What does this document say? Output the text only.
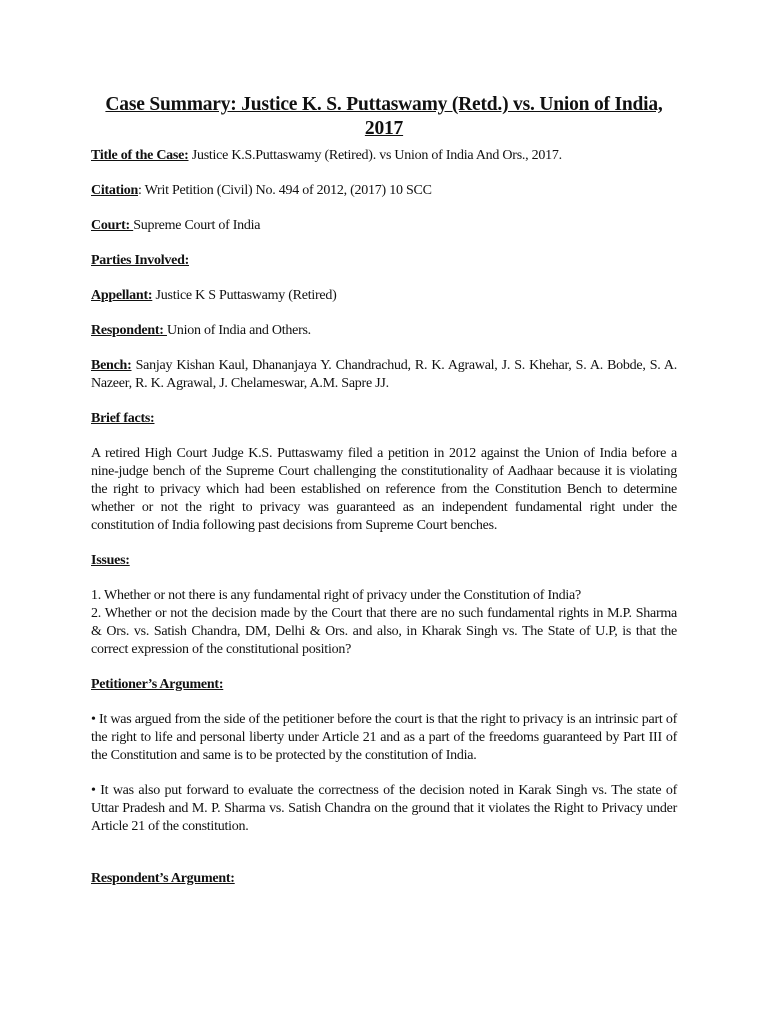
Case Summary: Justice K. S. Puttaswamy (Retd.) vs. Union of India, 2017

Title of the Case: Justice K.S.Puttaswamy (Retired). vs Union of India And Ors., 2017.

Citation: Writ Petition (Civil) No. 494 of 2012, (2017) 10 SCC

Court: Supreme Court of India

Parties Involved:

Appellant: Justice K S Puttaswamy (Retired)

Respondent: Union of India and Others.

Bench: Sanjay Kishan Kaul, Dhananjaya Y. Chandrachud, R. K. Agrawal, J. S. Khehar, S. A. Bobde, S. A. Nazeer, R. K. Agrawal, J. Chelameswar, A.M. Sapre JJ.

Brief facts:

A retired High Court Judge K.S. Puttaswamy filed a petition in 2012 against the Union of India before a nine-judge bench of the Supreme Court challenging the constitutionality of Aadhaar because it is violating the right to privacy which had been established on reference from the Constitution Bench to determine whether or not the right to privacy was guaranteed as an independent fundamental right under the constitution of India following past decisions from Supreme Court benches.

Issues:

1. Whether or not there is any fundamental right of privacy under the Constitution of India?

2. Whether or not the decision made by the Court that there are no such fundamental rights in M.P. Sharma & Ors. vs. Satish Chandra, DM, Delhi & Ors. and also, in Kharak Singh vs. The State of U.P, is that the correct expression of the constitutional position?

Petitioner’s Argument:

• It was argued from the side of the petitioner before the court is that the right to privacy is an intrinsic part of the right to life and personal liberty under Article 21 and as a part of the freedoms guaranteed by Part III of the Constitution and same is to be protected by the constitution of India.

• It was also put forward to evaluate the correctness of the decision noted in Karak Singh vs. The state of Uttar Pradesh and M. P. Sharma vs. Satish Chandra on the ground that it violates the Right to Privacy under Article 21 of the constitution.

Respondent’s Argument:
